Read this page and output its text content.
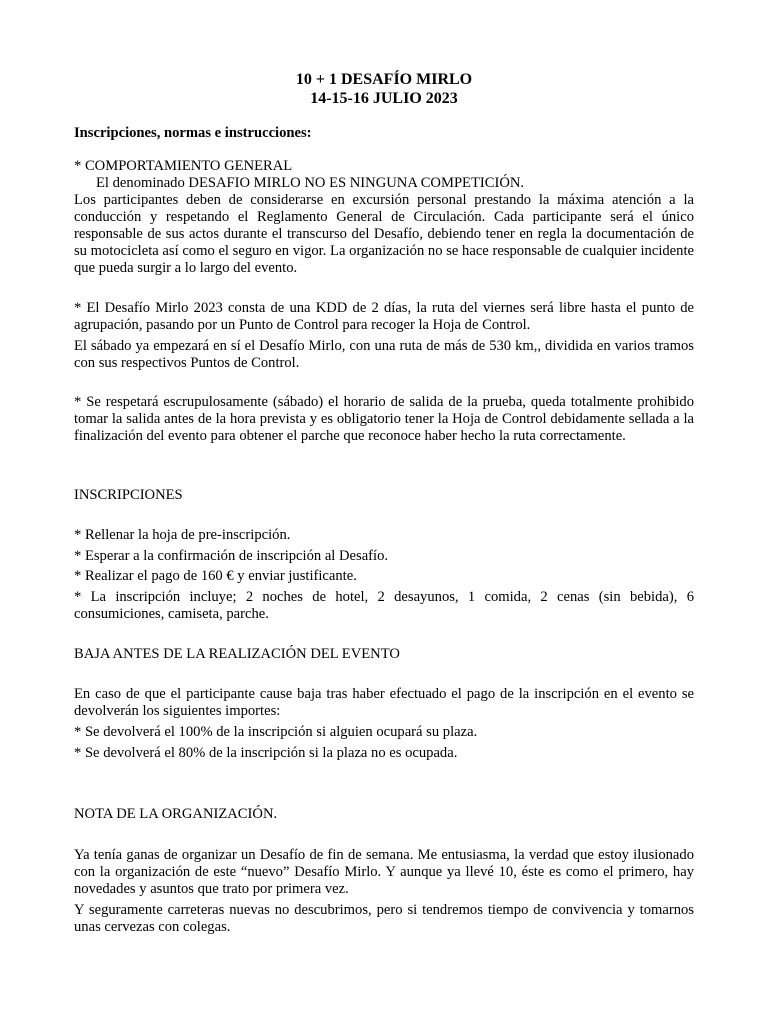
10 + 1 DESAFÍO MIRLO

14-15-16 JULIO 2023

Inscripciones, normas e instrucciones:

* COMPORTAMIENTO GENERAL

El denominado DESAFIO MIRLO NO ES NINGUNA COMPETICIÓN.

Los participantes deben de considerarse en excursión personal prestando la máxima atención a la conducción y respetando el Reglamento General de Circulación. Cada participante será el único responsable de sus actos durante el transcurso del Desafío, debiendo tener en regla la documentación de su motocicleta así como el seguro en vigor. La organización no se hace responsable de cualquier incidente que pueda surgir a lo largo del evento.

* El Desafío Mirlo 2023 consta de una KDD de 2 días, la ruta del viernes será libre hasta el punto de agrupación, pasando por un Punto de Control para recoger la Hoja de Control.

El sábado ya empezará en sí el Desafío Mirlo, con una ruta de más de 530 km,, dividida en varios tramos con sus respectivos Puntos de Control.

* Se respetará escrupulosamente (sábado) el horario de salida de la prueba, queda totalmente prohibido tomar la salida antes de la hora prevista y es obligatorio tener la Hoja de Control debidamente sellada a la finalización del evento para obtener el parche que reconoce haber hecho la ruta correctamente.

INSCRIPCIONES

* Rellenar la hoja de pre-inscripción.

* Esperar a la confirmación de inscripción al Desafío.

* Realizar el pago de 160 € y enviar justificante.

* La inscripción incluye; 2 noches de hotel, 2 desayunos, 1 comida, 2 cenas (sin bebida), 6 consumiciones, camiseta, parche.

BAJA ANTES DE LA REALIZACIÓN DEL EVENTO

En caso de que el participante cause baja tras haber efectuado el pago de la inscripción en el evento se devolverán los siguientes importes:

* Se devolverá el 100% de la inscripción si alguien ocupará su plaza.

* Se devolverá el 80% de la inscripción si la plaza no es ocupada.

NOTA DE LA ORGANIZACIÓN.

Ya tenía ganas de organizar un Desafío de fin de semana. Me entusiasma, la verdad que estoy ilusionado con la organización de este “nuevo” Desafío Mirlo. Y aunque ya llevé 10, éste es como el primero, hay novedades y asuntos que trato por primera vez.

Y seguramente carreteras nuevas no descubrimos, pero si tendremos tiempo de convivencia y tomarnos unas cervezas con colegas.
